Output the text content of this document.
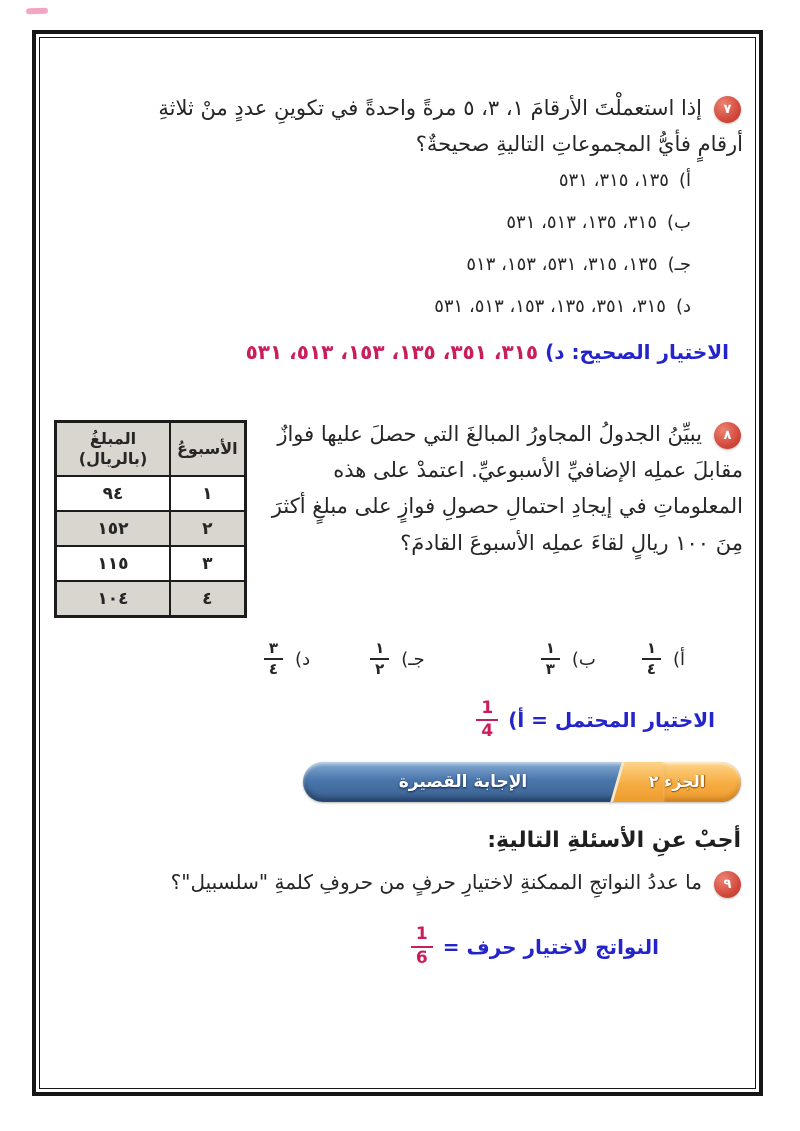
٧

إذا استعملْتَ الأرقامَ ١، ٣، ٥ مرةً واحدةً في تكوينِ عددٍ منْ ثلاثةِ أرقامٍ فأيُّ المجموعاتِ التاليةِ صحيحةٌ؟

أ)١٣٥، ٣١٥، ٥٣١
ب)٣١٥، ١٣٥، ٥١٣، ٥٣١
جـ)١٣٥، ٣١٥، ٥٣١، ١٥٣، ٥١٣
د)٣١٥، ٣٥١، ١٣٥، ١٥٣، ٥١٣، ٥٣١

الاختيار الصحيح: د) ٣١٥، ٣٥١، ١٣٥، ١٥٣، ٥١٣، ٥٣١

٨
الأسبوعُ	المبلغُ
(بالريال)

١	٩٤
٢	١٥٢
٣	١١٥
٤	١٠٤

يبيِّنُ الجدولُ المجاورُ المبالغَ التي حصلَ عليها فوازٌ مقابلَ عملِه الإضافيِّ الأسبوعيِّ. اعتمدْ على هذه المعلوماتِ في إيجادِ احتمالِ حصولِ فوازٍ على مبلغٍ أكثرَ مِنَ ١٠٠ ريالٍ لقاءَ عملِه الأسبوعَ القادمَ؟

أ)
$\frac{١}{٤}$
ب)
$\frac{١}{٣}$
جـ)
$\frac{١}{٢}$
د)
$\frac{٣}{٤}$
الاختيار المحتمل = أ)
$\frac{1}{4}$
الجزء ٢
الإجابة القصيرة

أجبْ عنِ الأسئلةِ التاليةِ:

٩

ما عددُ النواتجِ الممكنةِ لاختيارِ حرفٍ من حروفِ كلمةِ "سلسبيل"؟

النواتج لاختيار حرف =
$\frac{1}{6}$
